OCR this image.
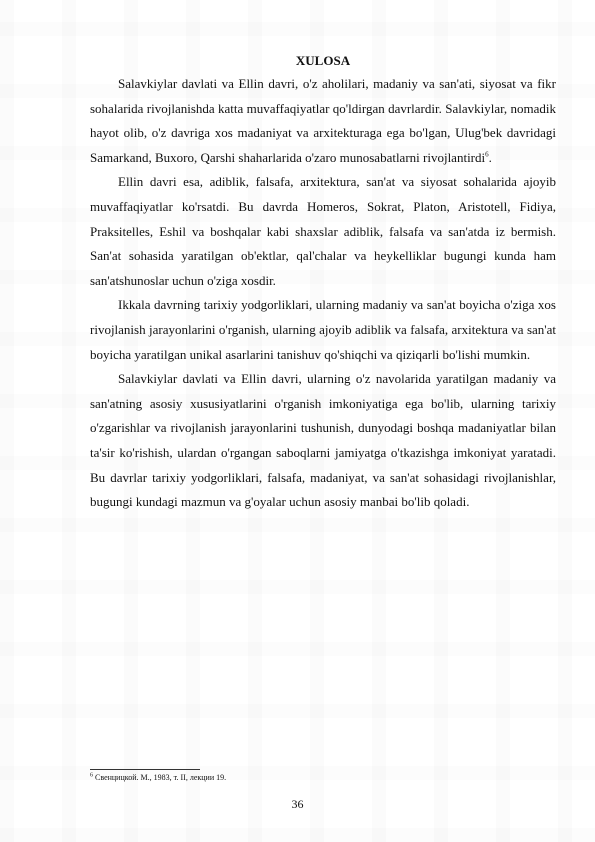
XULOSA

Salavkiylar davlati va Ellin davri, o'z aholilari, madaniy va san'ati, siyosat va fikr sohalarida rivojlanishda katta muvaffaqiyatlar qo'ldirgan davrlardir. Salavkiylar, nomadik hayot olib, o'z davriga xos madaniyat va arxitekturaga ega bo'lgan, Ulug'bek davridagi Samarkand, Buxoro, Qarshi shaharlarida o'zaro munosabatlarni rivojlantirdi$^6$.

Ellin davri esa, adiblik, falsafa, arxitektura, san'at va siyosat sohalarida ajoyib muvaffaqiyatlar ko'rsatdi. Bu davrda Homeros, Sokrat, Platon, Aristotell, Fidiya, Praksitelles, Eshil va boshqalar kabi shaxslar adiblik, falsafa va san'atda iz bermish. San'at sohasida yaratilgan ob'ektlar, qal'chalar va heykelliklar bugungi kunda ham san'atshunoslar uchun o'ziga xosdir.

Ikkala davrning tarixiy yodgorliklari, ularning madaniy va san'at boyicha o'ziga xos rivojlanish jarayonlarini o'rganish, ularning ajoyib adiblik va falsafa, arxitektura va san'at boyicha yaratilgan unikal asarlarini tanishuv qo'shiqchi va qiziqarli bo'lishi mumkin.

Salavkiylar davlati va Ellin davri, ularning o'z navolarida yaratilgan madaniy va san'atning asosiy xususiyatlarini o'rganish imkoniyatiga ega bo'lib, ularning tarixiy o'zgarishlar va rivojlanish jarayonlarini tushunish, dunyodagi boshqa madaniyatlar bilan ta'sir ko'rishish, ulardan o'rgangan saboqlarni jamiyatga o'tkazishga imkoniyat yaratadi. Bu davrlar tarixiy yodgorliklari, falsafa, madaniyat, va san'at sohasidagi rivojlanishlar, bugungi kundagi mazmun va g'oyalar uchun asosiy manbai bo'lib qoladi.

$^6$ Свенцицкой. М., 1983, т. II, лекции 19.
36
